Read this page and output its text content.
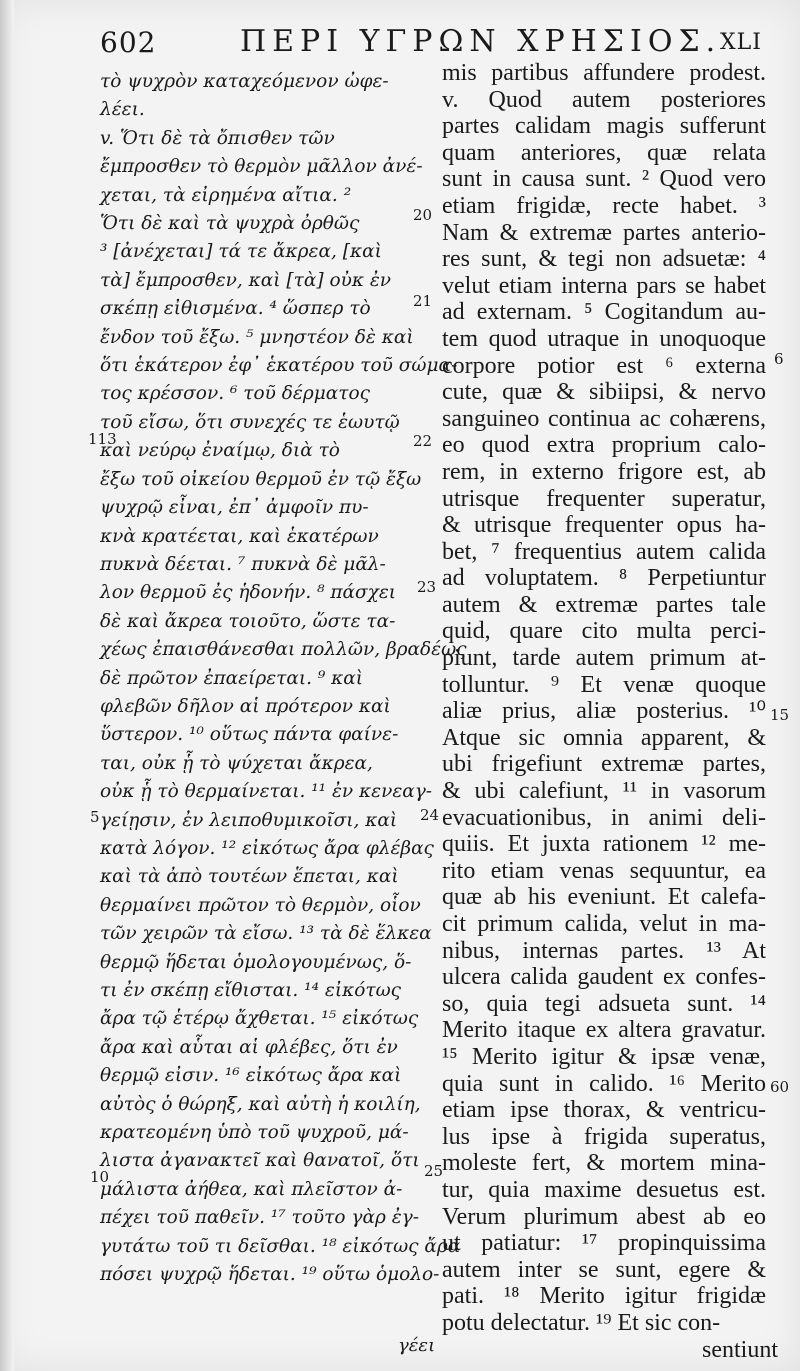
602	ΠΕΡΙ ΥΓΡΩΝ ΧΡΗΣΙΟΣ.
XLI
τὸ ψυχρὸν καταχεόμενον ὠφε-
λέει.
v. Ὅτι δὲ τὰ ὄπισθεν τῶν
ἔμπροσθεν τὸ θερμὸν μᾶλλον ἀνέ-
χεται, τὰ εἰρημένα αἴτια. ²
Ὅτι δὲ καὶ τὰ ψυχρὰ ὀρθῶς
³ [ἀνέχεται] τά τε ἄκρεα, [καὶ
τὰ] ἔμπροσθεν, καὶ [τὰ] οὐκ ἐν
σκέπῃ εἰθισμένα. ⁴ ὥσπερ τὸ
ἔνδον τοῦ ἔξω. ⁵ μνηστέον δὲ καὶ
ὅτι ἑκάτερον ἐφ᾽ ἑκατέρου τοῦ σώμα-
τος κρέσσον. ⁶ τοῦ δέρματος
τοῦ εἴσω, ὅτι συνεχές τε ἑωυτῷ
καὶ νεύρῳ ἐναίμῳ, διὰ τὸ
ἔξω τοῦ οἰκείου θερμοῦ ἐν τῷ ἔξω
ψυχρῷ εἶναι, ἐπ᾽ ἀμφοῖν πυ-
κνὰ κρατέεται, καὶ ἑκατέρων
πυκνὰ δέεται. ⁷ πυκνὰ δὲ μᾶλ-
λον θερμοῦ ἐς ἡδονήν. ⁸ πάσχει
δὲ καὶ ἄκρεα τοιοῦτο, ὥστε τα-
χέως ἐπαισθάνεσθαι πολλῶν, βραδέως
δὲ πρῶτον ἐπαείρεται. ⁹ καὶ
φλεβῶν δῆλον αἱ πρότερον καὶ
ὕστερον. ¹⁰ οὕτως πάντα φαίνε-
ται, οὐκ ᾗ τὸ ψύχεται ἄκρεα,
οὐκ ᾗ τὸ θερμαίνεται. ¹¹ ἐν κενεαγ-
γείῃσιν, ἐν λειποθυμικοῖσι, καὶ
κατὰ λόγον. ¹² εἰκότως ἄρα φλέβας
καὶ τὰ ἀπὸ τουτέων ἕπεται, καὶ
θερμαίνει πρῶτον τὸ θερμὸν, οἷον
τῶν χειρῶν τὰ εἴσω. ¹³ τὰ δὲ ἕλκεα
θερμῷ ἥδεται ὁμολογουμένως, ὅ-
τι ἐν σκέπῃ εἴθισται. ¹⁴ εἰκότως
ἄρα τῷ ἑτέρῳ ἄχθεται. ¹⁵ εἰκότως
ἄρα καὶ αὗται αἱ φλέβες, ὅτι ἐν
θερμῷ εἰσιν. ¹⁶ εἰκότως ἄρα καὶ
αὐτὸς ὁ θώρηξ, καὶ αὐτὴ ἡ κοιλίη,
κρατεομένη ὑπὸ τοῦ ψυχροῦ, μά-
λιστα ἀγανακτεῖ καὶ θανατοῖ, ὅτι
μάλιστα ἀήθεα, καὶ πλεῖστον ἀ-
πέχει τοῦ παθεῖν. ¹⁷ τοῦτο γὰρ ἐγ-
γυτάτω τοῦ τι δεῖσθαι. ¹⁸ εἰκότως ἄρα
πόσει ψυχρῷ ἥδεται. ¹⁹ οὕτω ὁμολο-
mis partibus affundere prodest.
v. Quod autem posteriores
partes calidam magis sufferunt
quam anteriores, quæ relata
sunt in causa sunt. ² Quod vero
etiam frigidæ, recte habet. ³
Nam & extremæ partes anterio-
res sunt, & tegi non adsuetæ: ⁴
velut etiam interna pars se habet
ad externam. ⁵ Cogitandum au-
tem quod utraque in unoquoque
corpore potior est ⁶ externa
cute, quæ & sibiipsi, & nervo
sanguineo continua ac cohærens,
eo quod extra proprium calo-
rem, in externo frigore est, ab
utrisque frequenter superatur,
& utrisque frequenter opus ha-
bet, ⁷ frequentius autem calida
ad voluptatem. ⁸ Perpetiuntur
autem & extremæ partes tale
quid, quare cito multa perci-
piunt, tarde autem primum at-
tolluntur. ⁹ Et venæ quoque
aliæ prius, aliæ posterius. ¹⁰
Atque sic omnia apparent, &
ubi frigefiunt extremæ partes,
& ubi calefiunt, ¹¹ in vasorum
evacuationibus, in animi deli-
quiis. Et juxta rationem ¹² me-
rito etiam venas sequuntur, ea
quæ ab his eveniunt. Et calefa-
cit primum calida, velut in ma-
nibus, internas partes. ¹³ At
ulcera calida gaudent ex confes-
so, quia tegi adsueta sunt. ¹⁴
Merito itaque ex altera gravatur.
¹⁵ Merito igitur & ipsæ venæ,
quia sunt in calido. ¹⁶ Merito
etiam ipse thorax, & ventricu-
lus ipse à frigida superatus,
moleste fert, & mortem mina-
tur, quia maxime desuetus est.
Verum plurimum abest ab eo
ut patiatur: ¹⁷ propinquissima
autem inter se sunt, egere &
pati. ¹⁸ Merito igitur frigidæ
potu delectatur. ¹⁹ Et sic con-
113
5
10
20
21
22
23
24
25
6
15
60
γέει	sentiunt
